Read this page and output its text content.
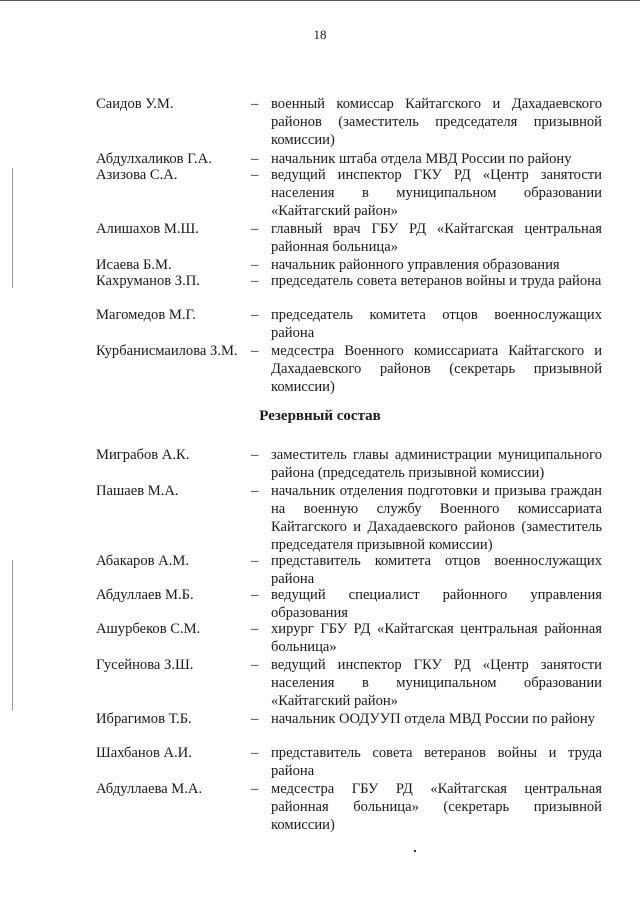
18
Саидов У.М.	– военный комиссар Кайтагского и Дахадаевского районов (заместитель председателя призывной комиссии)
Абдулхаликов Г.А.	– начальник штаба отдела МВД России по району
Азизова С.А.	– ведущий инспектор ГКУ РД «Центр занятости населения в муниципальном образовании «Кайтагский район»
Алишахов М.Ш.	– главный врач ГБУ РД «Кайтагская центральная районная больница»
Исаева Б.М.	– начальник районного управления образования
Кахруманов З.П.	– председатель совета ветеранов войны и труда района
Магомедов М.Г.	– председатель комитета отцов военнослужащих района
Курбанисмаилова З.М. – медсестра Военного комиссариата Кайтагского и Дахадаевского районов (секретарь призывной комиссии)
Резервный состав
Миграбов А.К.	– заместитель главы администрации муниципального района (председатель призывной комиссии)
Пашаев М.А.	– начальник отделения подготовки и призыва граждан на военную службу Военного комиссариата Кайтагского и Дахадаевского районов (заместитель председателя призывной комиссии)
Абакаров А.М.	– представитель комитета отцов военнослужащих района
Абдуллаев М.Б.	– ведущий специалист районного управления образования
Ашурбеков С.М.	– хирург ГБУ РД «Кайтагская центральная районная больница»
Гусейнова З.Ш.	– ведущий инспектор ГКУ РД «Центр занятости населения в муниципальном образовании «Кайтагский район»
Ибрагимов Т.Б.	– начальник ООДУУП отдела МВД России по району
Шахбанов А.И.	– представитель совета ветеранов войны и труда района
Абдуллаева М.А.	– медсестра ГБУ РД «Кайтагская центральная районная больница» (секретарь призывной комиссии)
